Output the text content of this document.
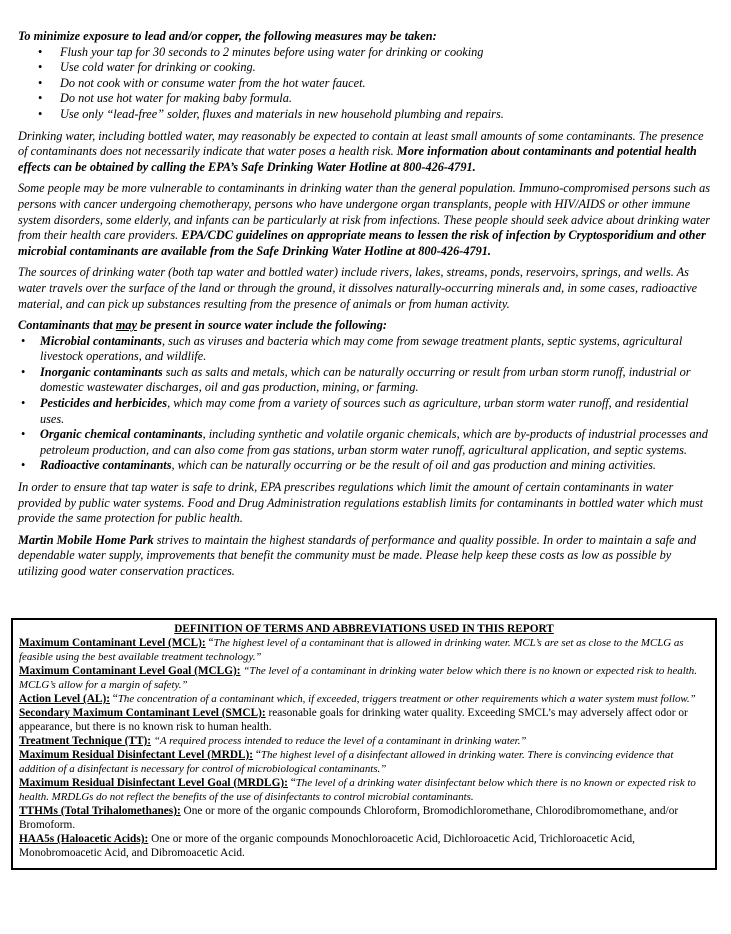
To minimize exposure to lead and/or copper, the following measures may be taken:

• Flush your tap for 30 seconds to 2 minutes before using water for drinking or cooking
• Use cold water for drinking or cooking.
• Do not cook with or consume water from the hot water faucet.
• Do not use hot water for making baby formula.
• Use only “lead-free” solder, fluxes and materials in new household plumbing and repairs.

Drinking water, including bottled water, may reasonably be expected to contain at least small amounts of some contaminants. The presence of contaminants does not necessarily indicate that water poses a health risk. More information about contaminants and potential health effects can be obtained by calling the EPA’s Safe Drinking Water Hotline at 800-426-4791.

Some people may be more vulnerable to contaminants in drinking water than the general population. Immuno-compromised persons such as persons with cancer undergoing chemotherapy, persons who have undergone organ transplants, people with HIV/AIDS or other immune system disorders, some elderly, and infants can be particularly at risk from infections. These people should seek advice about drinking water from their health care providers. EPA/CDC guidelines on appropriate means to lessen the risk of infection by Cryptosporidium and other microbial contaminants are available from the Safe Drinking Water Hotline at 800-426-4791.

The sources of drinking water (both tap water and bottled water) include rivers, lakes, streams, ponds, reservoirs, springs, and wells. As water travels over the surface of the land or through the ground, it dissolves naturally-occurring minerals and, in some cases, radioactive material, and can pick up substances resulting from the presence of animals or from human activity.

Contaminants that may be present in source water include the following:

• Microbial contaminants, such as viruses and bacteria which may come from sewage treatment plants, septic systems, agricultural livestock operations, and wildlife.
• Inorganic contaminants such as salts and metals, which can be naturally occurring or result from urban storm runoff, industrial or domestic wastewater discharges, oil and gas production, mining, or farming.
• Pesticides and herbicides, which may come from a variety of sources such as agriculture, urban storm water runoff, and residential uses.
• Organic chemical contaminants, including synthetic and volatile organic chemicals, which are by-products of industrial processes and petroleum production, and can also come from gas stations, urban storm water runoff, agricultural application, and septic systems.
• Radioactive contaminants, which can be naturally occurring or be the result of oil and gas production and mining activities.

In order to ensure that tap water is safe to drink, EPA prescribes regulations which limit the amount of certain contaminants in water provided by public water systems. Food and Drug Administration regulations establish limits for contaminants in bottled water which must provide the same protection for public health.

Martin Mobile Home Park strives to maintain the highest standards of performance and quality possible. In order to maintain a safe and dependable water supply, improvements that benefit the community must be made. Please help keep these costs as low as possible by utilizing good water conservation practices.

DEFINITION OF TERMS AND ABBREVIATIONS USED IN THIS REPORT
Maximum Contaminant Level (MCL): “The highest level of a contaminant that is allowed in drinking water. MCL’s are set as close to the MCLG as feasible using the best available treatment technology.”
Maximum Contaminant Level Goal (MCLG): “The level of a contaminant in drinking water below which there is no known or expected risk to health. MCLG’s allow for a margin of safety.”
Action Level (AL): “The concentration of a contaminant which, if exceeded, triggers treatment or other requirements which a water system must follow.”
Secondary Maximum Contaminant Level (SMCL): reasonable goals for drinking water quality. Exceeding SMCL’s may adversely affect odor or appearance, but there is no known risk to human health.
Treatment Technique (TT): “A required process intended to reduce the level of a contaminant in drinking water.”
Maximum Residual Disinfectant Level (MRDL): “The highest level of a disinfectant allowed in drinking water. There is convincing evidence that addition of a disinfectant is necessary for control of microbiological contaminants.”
Maximum Residual Disinfectant Level Goal (MRDLG): “The level of a drinking water disinfectant below which there is no known or expected risk to health. MRDLGs do not reflect the benefits of the use of disinfectants to control microbial contaminants.
TTHMs (Total Trihalomethanes): One or more of the organic compounds Chloroform, Bromodichloromethane, Chlorodibromomethane, and/or Bromoform.
HAA5s (Haloacetic Acids): One or more of the organic compounds Monochloroacetic Acid, Dichloroacetic Acid, Trichloroacetic Acid, Monobromoacetic Acid, and Dibromoacetic Acid.
